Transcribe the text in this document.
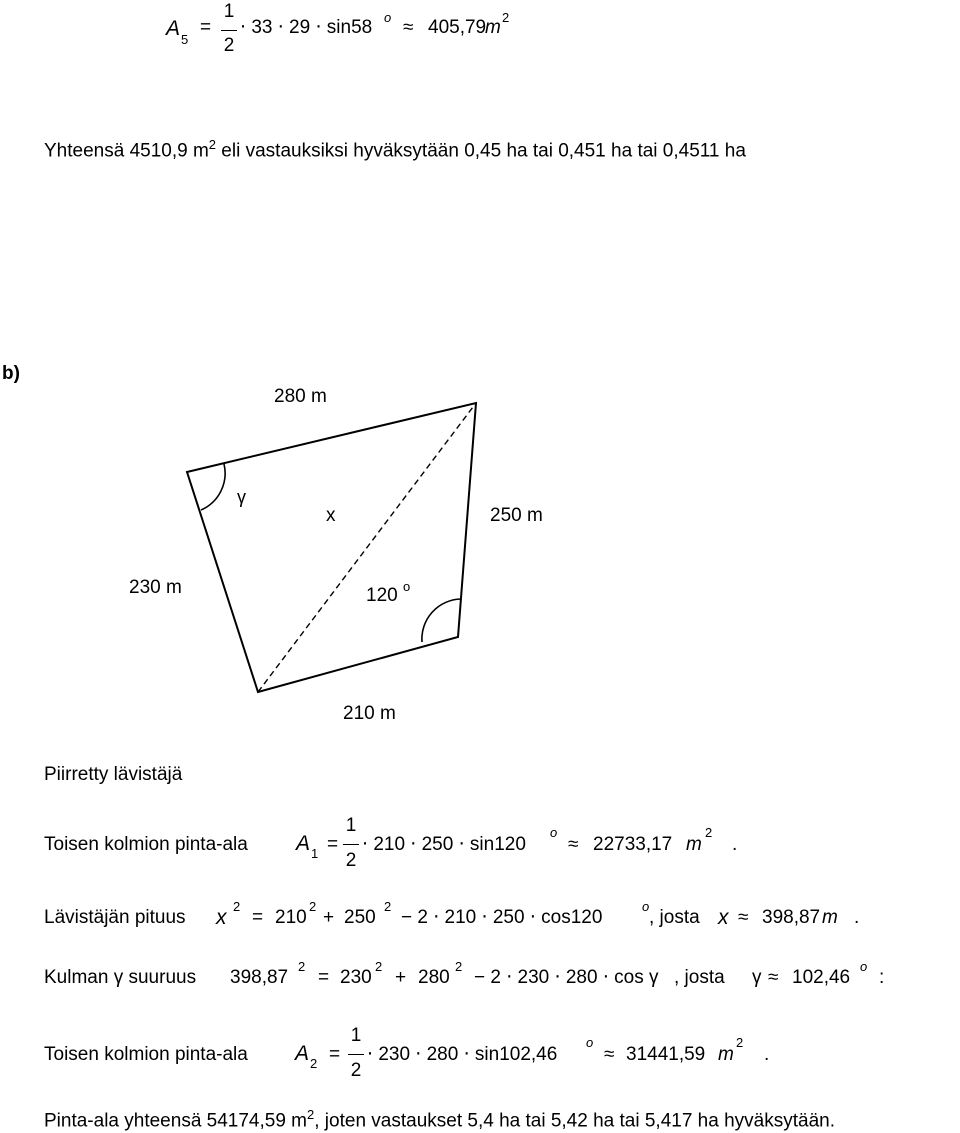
A 5
=
1
2
⋅ 33 ⋅ 29 ⋅ sin58 o ≈ 405,79
m 2
Yhteensä 4510,9 $m^2$ eli vastauksiksi hyväksytään 0,45 ha tai 0,451 ha tai 0,4511 ha
b)
280 m
γ
x	250 m
230 m	120 o
210 m
Piirretty lävistäjä
Toisen kolmion pinta-ala A 1 =
1
2
⋅ 210 ⋅ 250 ⋅ sin120
o
≈ 22733,17 m
2
.
Lävistäjän pituus x 2
= 210
2
+ 250
2
− 2 ⋅ 210 ⋅ 250 ⋅ cos120
o
, josta x ≈ 398,87 m .
Kulman γ suuruus 398,87
2
= 230
2
+ 280
2
− 2 ⋅ 230 ⋅ 280 ⋅ cos γ , josta γ ≈ 102,46
o
:
Toisen kolmion pinta-ala A 2 =
1
2
⋅ 230 ⋅ 280 ⋅ sin102,46
o
≈ 31441,59 m
2
.
Pinta-ala yhteensä 54174,59 $m^2$, joten vastaukset 5,4 ha tai 5,42 ha tai 5,417 ha hyväksytään.
